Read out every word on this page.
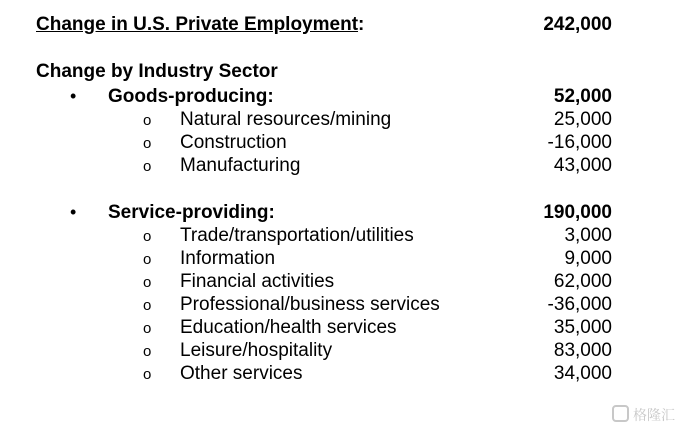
Change in U.S. Private Employment:	242,000
Change by Industry Sector
• Goods-producing:	52,000
o Natural resources/mining	25,000
o Construction	-16,000
o Manufacturing	43,000
• Service-providing:	190,000
o Trade/transportation/utilities	3,000
o Information	9,000
o Financial activities	62,000
o Professional/business services	-36,000
o Education/health services	35,000
o Leisure/hospitality	83,000
o Other services	34,000
格隆汇
